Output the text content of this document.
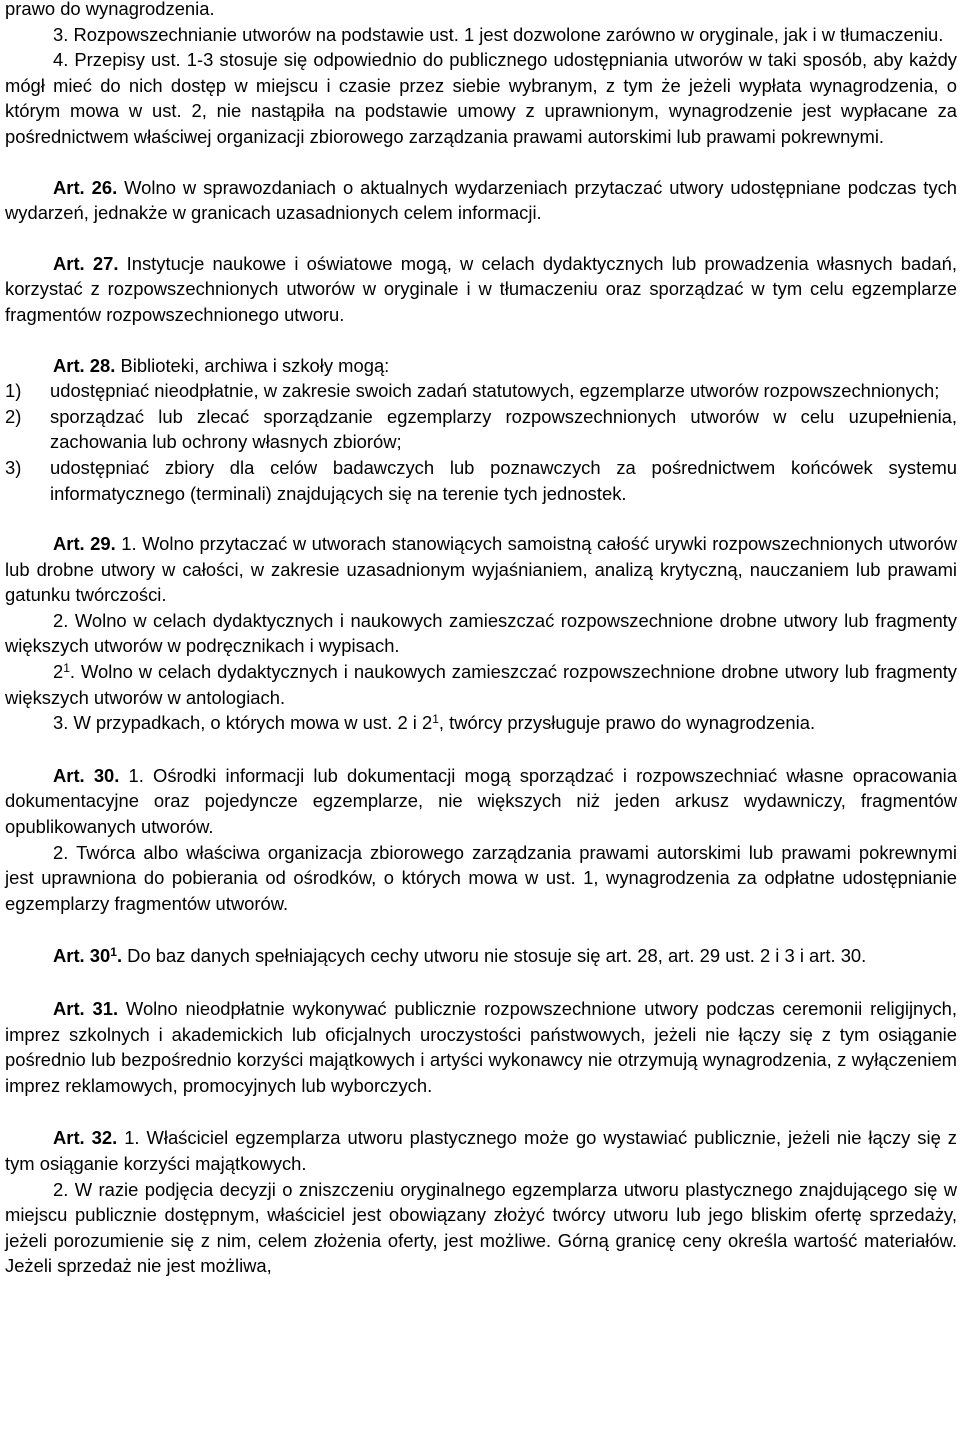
prawo do wynagrodzenia.

3. Rozpowszechnianie utworów na podstawie ust. 1 jest dozwolone zarówno w oryginale, jak i w tłumaczeniu.

4. Przepisy ust. 1-3 stosuje się odpowiednio do publicznego udostępniania utworów w taki sposób, aby każdy mógł mieć do nich dostęp w miejscu i czasie przez siebie wybranym, z tym że jeżeli wypłata wynagrodzenia, o którym mowa w ust. 2, nie nastąpiła na podstawie umowy z uprawnionym, wynagrodzenie jest wypłacane za pośrednictwem właściwej organizacji zbiorowego zarządzania prawami autorskimi lub prawami pokrewnymi.

Art. 26. Wolno w sprawozdaniach o aktualnych wydarzeniach przytaczać utwory udostępniane podczas tych wydarzeń, jednakże w granicach uzasadnionych celem informacji.

Art. 27. Instytucje naukowe i oświatowe mogą, w celach dydaktycznych lub prowadzenia własnych badań, korzystać z rozpowszechnionych utworów w oryginale i w tłumaczeniu oraz sporządzać w tym celu egzemplarze fragmentów rozpowszechnionego utworu.

Art. 28. Biblioteki, archiwa i szkoły mogą:

1)	udostępniać nieodpłatnie, w zakresie swoich zadań statutowych, egzemplarze utworów rozpowszechnionych;
2)	sporządzać lub zlecać sporządzanie egzemplarzy rozpowszechnionych utworów w celu uzupełnienia, zachowania lub ochrony własnych zbiorów;
3)	udostępniać zbiory dla celów badawczych lub poznawczych za pośrednictwem końcówek systemu informatycznego (terminali) znajdujących się na terenie tych jednostek.

Art. 29. 1. Wolno przytaczać w utworach stanowiących samoistną całość urywki rozpowszechnionych utworów lub drobne utwory w całości, w zakresie uzasadnionym wyjaśnianiem, analizą krytyczną, nauczaniem lub prawami gatunku twórczości.

2. Wolno w celach dydaktycznych i naukowych zamieszczać rozpowszechnione drobne utwory lub fragmenty większych utworów w podręcznikach i wypisach.

$2^1$. Wolno w celach dydaktycznych i naukowych zamieszczać rozpowszechnione drobne utwory lub fragmenty większych utworów w antologiach.

3. W przypadkach, o których mowa w ust. 2 i $2^1$, twórcy przysługuje prawo do wynagrodzenia.

Art. 30. 1. Ośrodki informacji lub dokumentacji mogą sporządzać i rozpowszechniać własne opracowania dokumentacyjne oraz pojedyncze egzemplarze, nie większych niż jeden arkusz wydawniczy, fragmentów opublikowanych utworów.

2. Twórca albo właściwa organizacja zbiorowego zarządzania prawami autorskimi lub prawami pokrewnymi jest uprawniona do pobierania od ośrodków, o których mowa w ust. 1, wynagrodzenia za odpłatne udostępnianie egzemplarzy fragmentów utworów.

Art. $30^1$. Do baz danych spełniających cechy utworu nie stosuje się art. 28, art. 29 ust. 2 i 3 i art. 30.

Art. 31. Wolno nieodpłatnie wykonywać publicznie rozpowszechnione utwory podczas ceremonii religijnych, imprez szkolnych i akademickich lub oficjalnych uroczystości państwowych, jeżeli nie łączy się z tym osiąganie pośrednio lub bezpośrednio korzyści majątkowych i artyści wykonawcy nie otrzymują wynagrodzenia, z wyłączeniem imprez reklamowych, promocyjnych lub wyborczych.

Art. 32. 1. Właściciel egzemplarza utworu plastycznego może go wystawiać publicznie, jeżeli nie łączy się z tym osiąganie korzyści majątkowych.

2. W razie podjęcia decyzji o zniszczeniu oryginalnego egzemplarza utworu plastycznego znajdującego się w miejscu publicznie dostępnym, właściciel jest obowiązany złożyć twórcy utworu lub jego bliskim ofertę sprzedaży, jeżeli porozumienie się z nim, celem złożenia oferty, jest możliwe. Górną granicę ceny określa wartość materiałów. Jeżeli sprzedaż nie jest możliwa,
